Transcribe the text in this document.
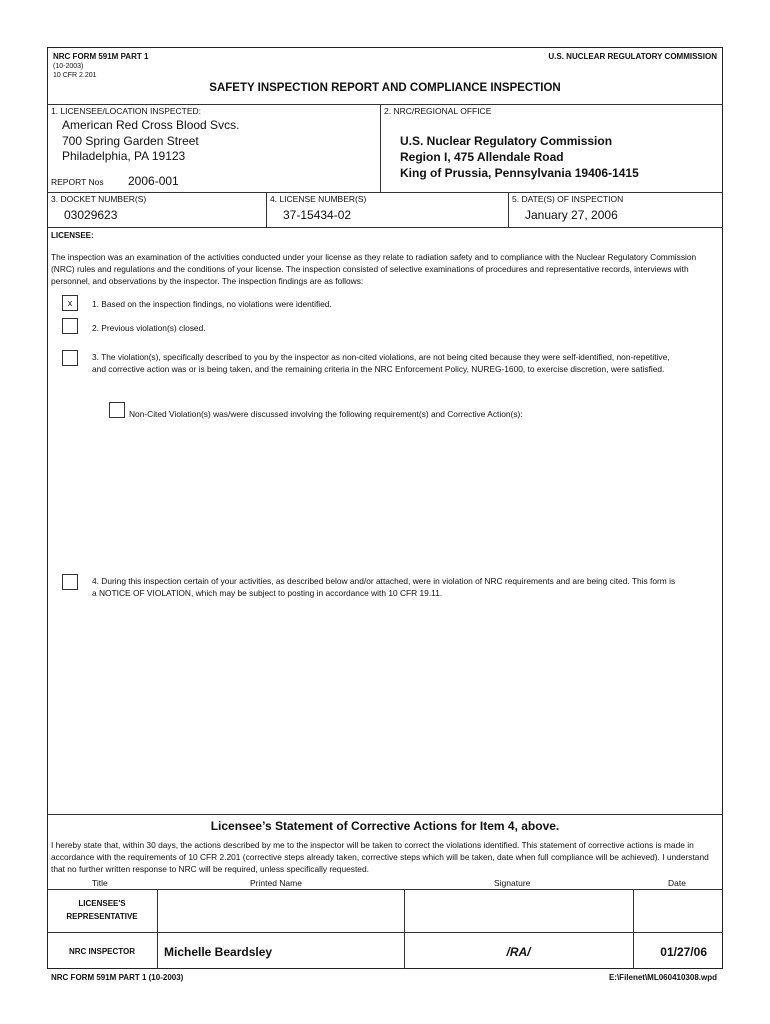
NRC FORM 591M PART 1
(10-2003)
10 CFR 2.201
U.S. NUCLEAR REGULATORY COMMISSION
SAFETY INSPECTION REPORT AND COMPLIANCE INSPECTION
1. LICENSEE/LOCATION INSPECTED:
American Red Cross Blood Svcs.
700 Spring Garden Street
Philadelphia, PA 19123
REPORT Nos 2006-001
2. NRC/REGIONAL OFFICE
U.S. Nuclear Regulatory Commission
Region I, 475 Allendale Road
King of Prussia, Pennsylvania 19406-1415
3. DOCKET NUMBER(S)
03029623
4. LICENSE NUMBER(S)
37-15434-02
5. DATE(S) OF INSPECTION
January 27, 2006
LICENSEE:
The inspection was an examination of the activities conducted under your license as they relate to radiation safety and to compliance with the Nuclear Regulatory Commission (NRC) rules and regulations and the conditions of your license. The inspection consisted of selective examinations of procedures and representative records, interviews with personnel, and observations by the inspector. The inspection findings are as follows:
x	1. Based on the inspection findings, no violations were identified.
2. Previous violation(s) closed.
3. The violation(s), specifically described to you by the inspector as non-cited violations, are not being cited because they were self-identified, non-repetitive, and corrective action was or is being taken, and the remaining criteria in the NRC Enforcement Policy, NUREG-1600, to exercise discretion, were satisfied.
Non-Cited Violation(s) was/were discussed involving the following requirement(s) and Corrective Action(s):
4. During this inspection certain of your activities, as described below and/or attached, were in violation of NRC requirements and are being cited. This form is a NOTICE OF VIOLATION, which may be subject to posting in accordance with 10 CFR 19.11.
Licensee’s Statement of Corrective Actions for Item 4, above.
I hereby state that, within 30 days, the actions described by me to the inspector will be taken to correct the violations identified. This statement of corrective actions is made in accordance with the requirements of 10 CFR 2.201 (corrective steps already taken, corrective steps which will be taken, date when full compliance will be achieved). I understand that no further written response to NRC will be required, unless specifically requested.
Title	Printed Name	Signature	Date
LICENSEE'S
REPRESENTATIVE
NRC INSPECTOR	Michelle Beardsley	/RA/	01/27/06
NRC FORM 591M PART 1 (10-2003)	E:\Filenet\ML060410308.wpd
